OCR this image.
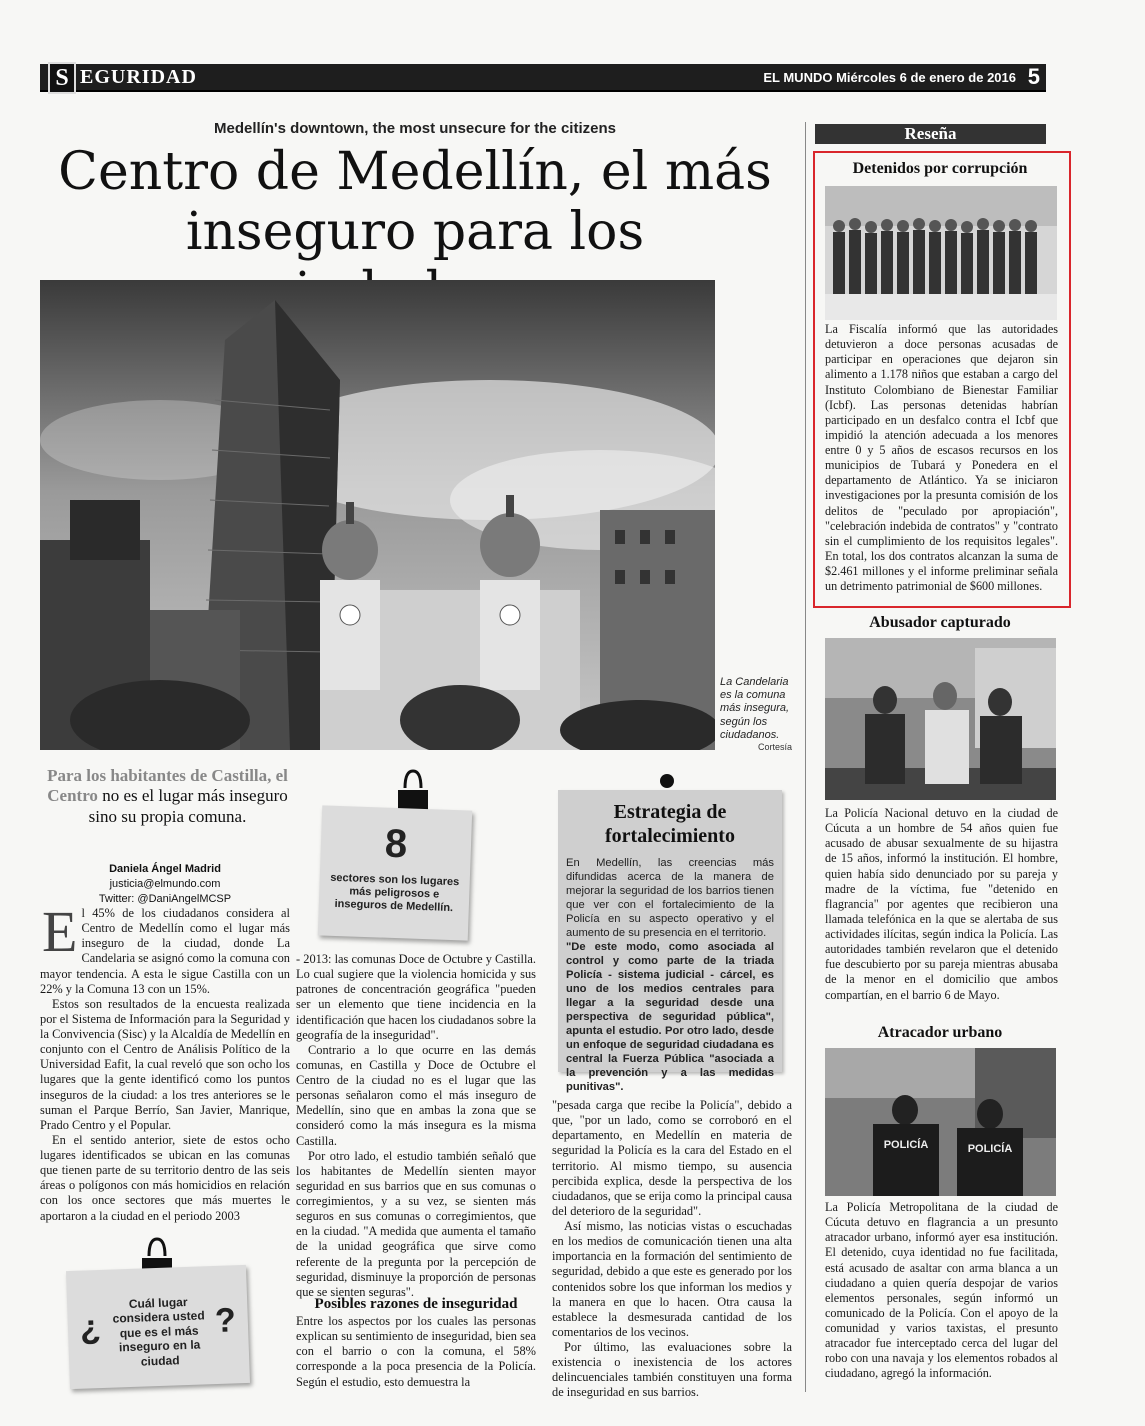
S EGURIDAD	EL MUNDO Miércoles 6 de enero de 2016 5
Medellín's downtown, the most unsecure for the citizens
Centro de Medellín, el más inseguro para los
La Candelaria es la comuna más insegura, según los ciudadanos.
Cortesía
Para los habitantes de Castilla, el Centro no es el lugar más inseguro sino su propia comuna.
Daniela Ángel Madrid
justicia@elmundo.com
Twitter: @DaniAngelMCSP

El 45% de los ciudadanos considera al Centro de Medellín como el lugar más inseguro de la ciudad, donde La Candelaria se asignó como la comuna con mayor tendencia. A esta le sigue Castilla con un 22% y la Comuna 13 con un 15%.

Estos son resultados de la encuesta realizada por el Sistema de Información para la Seguridad y la Convivencia (Sisc) y la Alcaldía de Medellín en conjunto con el Centro de Análisis Político de la Universidad Eafit, la cual reveló que son ocho los lugares que la gente identificó como los puntos inseguros de la ciudad: a los tres anteriores se le suman el Parque Berrío, San Javier, Manrique, Prado Centro y el Popular.

En el sentido anterior, siete de estos ocho lugares identificados se ubican en las comunas que tienen parte de su territorio dentro de las seis áreas o polígonos con más homicidios en relación con los once sectores que más muertes le aportaron a la ciudad en el periodo 2003

8
sectores son los lugares más peligrosos e inseguros de Medellín.

- 2013: las comunas Doce de Octubre y Castilla. Lo cual sugiere que la violencia homicida y sus patrones de concentración geográfica "pueden ser un elemento que tiene incidencia en la identificación que hacen los ciudadanos sobre la geografía de la inseguridad".

Contrario a lo que ocurre en las demás comunas, en Castilla y Doce de Octubre el Centro de la ciudad no es el lugar que las personas señalaron como el más inseguro de Medellín, sino que en ambas la zona que se consideró como la más insegura es la misma Castilla.

Por otro lado, el estudio también señaló que los habitantes de Medellín sienten mayor seguridad en sus barrios que en sus comunas o corregimientos, y a su vez, se sienten más seguros en sus comunas o corregimientos, que en la ciudad. "A medida que aumenta el tamaño de la unidad geográfica que sirve como referente de la pregunta por la percepción de seguridad, disminuye la proporción de personas que se sienten seguras".

Posibles razones de inseguridad

Entre los aspectos por los cuales las personas explican su sentimiento de inseguridad, bien sea con el barrio o con la comuna, el 58% corresponde a la poca presencia de la Policía. Según el estudio, esto demuestra la

Estrategia de fortalecimiento

En Medellín, las creencias más difundidas acerca de la manera de mejorar la seguridad de los barrios tienen que ver con el fortalecimiento de la Policía en su aspecto operativo y el aumento de su presencia en el territorio.

"De este modo, como asociada al control y como parte de la triada Policía - sistema judicial - cárcel, es uno de los medios centrales para llegar a la seguridad desde una perspectiva de seguridad pública", apunta el estudio. Por otro lado, desde un enfoque de seguridad ciudadana es central la Fuerza Pública "asociada a la prevención y a las medidas punitivas".

"pesada carga que recibe la Policía", debido a que, "por un lado, como se corroboró en el departamento, en Medellín en materia de seguridad la Policía es la cara del Estado en el territorio. Al mismo tiempo, su ausencia percibida explica, desde la perspectiva de los ciudadanos, que se erija como la principal causa del deterioro de la seguridad".

Así mismo, las noticias vistas o escuchadas en los medios de comunicación tienen una alta importancia en la formación del sentimiento de seguridad, debido a que este es generado por los contenidos sobre los que informan los medios y la manera en que lo hacen. Otra causa la establece la desmesurada cantidad de los comentarios de los vecinos.

Por último, las evaluaciones sobre la existencia o inexistencia de los actores delincuenciales también constituyen una forma de inseguridad en sus barrios.

¿
Cuál lugar considera usted que es el más inseguro en la ciudad
?
Reseña
Detenidos por corrupción
La Fiscalía informó que las autoridades detuvieron a doce personas acusadas de participar en operaciones que dejaron sin alimento a 1.178 niños que estaban a cargo del Instituto Colombiano de Bienestar Familiar (Icbf). Las personas detenidas habrían participado en un desfalco contra el Icbf que impidió la atención adecuada a los menores entre 0 y 5 años de escasos recursos en los municipios de Tubará y Ponedera en el departamento de Atlántico. Ya se iniciaron investigaciones por la presunta comisión de los delitos de "peculado por apropiación", "celebración indebida de contratos" y "contrato sin el cumplimiento de los requisitos legales". En total, los dos contratos alcanzan la suma de $2.461 millones y el informe preliminar señala un detrimento patrimonial de $600 millones.
Abusador capturado
La Policía Nacional detuvo en la ciudad de Cúcuta a un hombre de 54 años quien fue acusado de abusar sexualmente de su hijastra de 15 años, informó la institución. El hombre, quien había sido denunciado por su pareja y madre de la víctima, fue "detenido en flagrancia" por agentes que recibieron una llamada telefónica en la que se alertaba de sus actividades ilícitas, según indica la Policía. Las autoridades también revelaron que el detenido fue descubierto por su pareja mientras abusaba de la menor en el domicilio que ambos compartían, en el barrio 6 de Mayo.
Atracador urbano
POLICÍA	POLICÍA
La Policía Metropolitana de la ciudad de Cúcuta detuvo en flagrancia a un presunto atracador urbano, informó ayer esa institución. El detenido, cuya identidad no fue facilitada, está acusado de asaltar con arma blanca a un ciudadano a quien quería despojar de varios elementos personales, según informó un comunicado de la Policía. Con el apoyo de la comunidad y varios taxistas, el presunto atracador fue interceptado cerca del lugar del robo con una navaja y los elementos robados al ciudadano, agregó la información.
